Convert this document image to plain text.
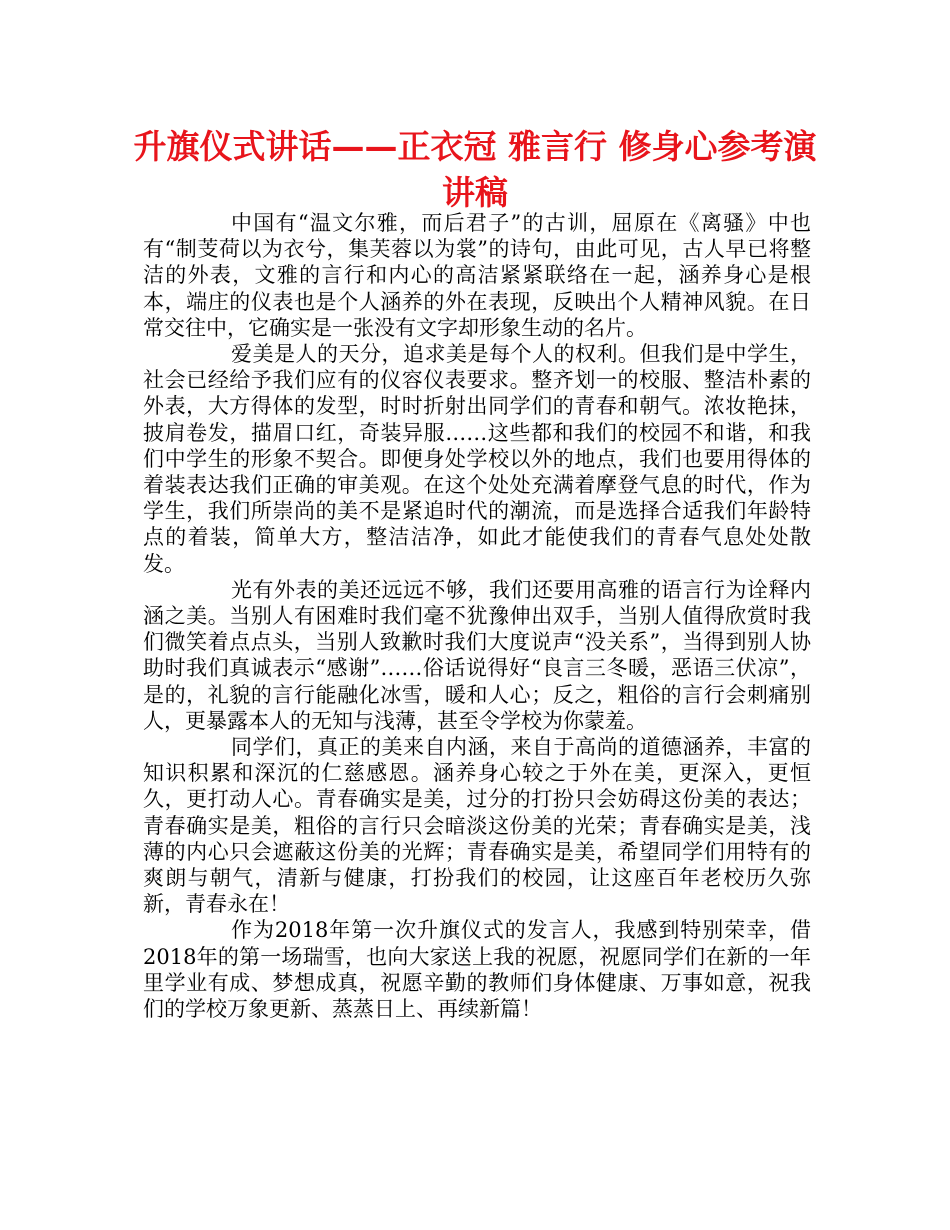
升旗仪式讲话——正衣冠 雅言行 修身心参考演讲稿

中国有“温文尔雅，而后君子”的古训，屈原在《离骚》中也有“制芰荷以为衣兮，集芙蓉以为裳”的诗句，由此可见，古人早已将整洁的外表，文雅的言行和内心的高洁紧紧联络在一起，涵养身心是根本，端庄的仪表也是个人涵养的外在表现，反映出个人精神风貌。在日常交往中，它确实是一张没有文字却形象生动的名片。

爱美是人的天分，追求美是每个人的权利。但我们是中学生，社会已经给予我们应有的仪容仪表要求。整齐划一的校服、整洁朴素的外表，大方得体的发型，时时折射出同学们的青春和朝气。浓妆艳抹，披肩卷发，描眉口红，奇装异服……这些都和我们的校园不和谐，和我们中学生的形象不契合。即便身处学校以外的地点，我们也要用得体的着装表达我们正确的审美观。在这个处处充满着摩登气息的时代，作为学生，我们所崇尚的美不是紧追时代的潮流，而是选择合适我们年龄特点的着装，简单大方，整洁洁净，如此才能使我们的青春气息处处散发。

光有外表的美还远远不够，我们还要用高雅的语言行为诠释内涵之美。当别人有困难时我们毫不犹豫伸出双手，当别人值得欣赏时我们微笑着点点头，当别人致歉时我们大度说声“没关系”，当得到别人协助时我们真诚表示“感谢”……俗话说得好“良言三冬暖，恶语三伏凉”，是的，礼貌的言行能融化冰雪，暖和人心；反之，粗俗的言行会刺痛别人，更暴露本人的无知与浅薄，甚至令学校为你蒙羞。

同学们，真正的美来自内涵，来自于高尚的道德涵养，丰富的知识积累和深沉的仁慈感恩。涵养身心较之于外在美，更深入，更恒久，更打动人心。青春确实是美，过分的打扮只会妨碍这份美的表达；青春确实是美，粗俗的言行只会暗淡这份美的光荣；青春确实是美，浅薄的内心只会遮蔽这份美的光辉；青春确实是美，希望同学们用特有的爽朗与朝气，清新与健康，打扮我们的校园，让这座百年老校历久弥新，青春永在！

作为2018年第一次升旗仪式的发言人，我感到特别荣幸，借2018年的第一场瑞雪，也向大家送上我的祝愿，祝愿同学们在新的一年里学业有成、梦想成真，祝愿辛勤的教师们身体健康、万事如意，祝我们的学校万象更新、蒸蒸日上、再续新篇！
